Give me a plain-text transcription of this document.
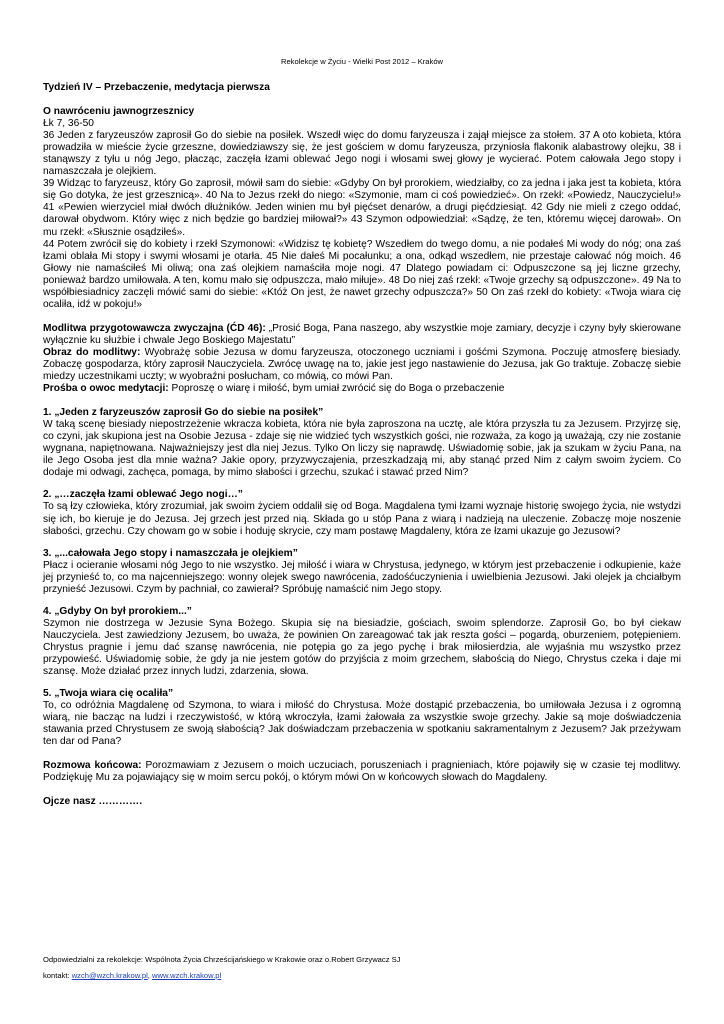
Rekolekcje w Życiu - Wielki Post 2012 – Kraków

Tydzień IV – Przebaczenie, medytacja pierwsza

O nawróceniu jawnogrzesznicy

Łk 7, 36-50

36 Jeden z faryzeuszów zaprosił Go do siebie na posiłek. Wszedł więc do domu faryzeusza i zajął miejsce za stołem. 37 A oto kobieta, która prowadziła w mieście życie grzeszne, dowiedziawszy się, że jest gościem w domu faryzeusza, przyniosła flakonik alabastrowy olejku, 38 i stanąwszy z tyłu u nóg Jego, płacząc, zaczęła łzami oblewać Jego nogi i włosami swej głowy je wycierać. Potem całowała Jego stopy i namaszczała je olejkiem.

39 Widząc to faryzeusz, który Go zaprosił, mówił sam do siebie: «Gdyby On był prorokiem, wiedziałby, co za jedna i jaka jest ta kobieta, która się Go dotyka, że jest grzesznicą». 40 Na to Jezus rzekł do niego: «Szymonie, mam ci coś powiedzieć». On rzekł: «Powiedz, Nauczycielu!» 41 «Pewien wierzyciel miał dwóch dłużników. Jeden winien mu był pięćset denarów, a drugi pięćdziesiąt. 42 Gdy nie mieli z czego oddać, darował obydwom. Który więc z nich będzie go bardziej miłował?» 43 Szymon odpowiedział: «Sądzę, że ten, któremu więcej darował». On mu rzekł: «Słusznie osądziłeś».

44 Potem zwrócił się do kobiety i rzekł Szymonowi: «Widzisz tę kobietę? Wszedłem do twego domu, a nie podałeś Mi wody do nóg; ona zaś łzami oblała Mi stopy i swymi włosami je otarła. 45 Nie dałeś Mi pocałunku; a ona, odkąd wszedłem, nie przestaje całować nóg moich. 46 Głowy nie namaściłeś Mi oliwą; ona zaś olejkiem namaściła moje nogi. 47 Dlatego powiadam ci: Odpuszczone są jej liczne grzechy, ponieważ bardzo umiłowała. A ten, komu mało się odpuszcza, mało miłuje». 48 Do niej zaś rzekł: «Twoje grzechy są odpuszczone». 49 Na to współbiesiadnicy zaczęli mówić sami do siebie: «Któż On jest, że nawet grzechy odpuszcza?» 50 On zaś rzekł do kobiety: «Twoja wiara cię ocaliła, idź w pokoju!»

Modlitwa przygotowawcza zwyczajna (ĆD 46): „Prosić Boga, Pana naszego, aby wszystkie moje zamiary, decyzje i czyny były skierowane wyłącznie ku służbie i chwale Jego Boskiego Majestatu”

Obraz do modlitwy: Wyobrażę sobie Jezusa w domu faryzeusza, otoczonego uczniami i gośćmi Szymona. Poczuję atmosferę biesiady. Zobaczę gospodarza, który zaprosił Nauczyciela. Zwrócę uwagę na to, jakie jest jego nastawienie do Jezusa, jak Go traktuje. Zobaczę siebie miedzy uczestnikami uczty; w wyobraźni posłucham, co mówią, co mówi Pan.

Prośba o owoc medytacji: Poproszę o wiarę i miłość, bym umiał zwrócić się do Boga o przebaczenie

1. „Jeden z faryzeuszów zaprosił Go do siebie na posiłek”

W taką scenę biesiady niepostrzeżenie wkracza kobieta, która nie była zaproszona na ucztę, ale która przyszła tu za Jezusem. Przyjrzę się, co czyni, jak skupiona jest na Osobie Jezusa - zdaje się nie widzieć tych wszystkich gości, nie rozważa, za kogo ją uważają, czy nie zostanie wygnana, napiętnowana. Najważniejszy jest dla niej Jezus. Tylko On liczy się naprawdę. Uświadomię sobie, jak ja szukam w życiu Pana, na ile Jego Osoba jest dla mnie ważna? Jakie opory, przyzwyczajenia, przeszkadzają mi, aby stanąć przed Nim z całym swoim życiem. Co dodaje mi odwagi, zachęca, pomaga, by mimo słabości i grzechu, szukać i stawać przed Nim?

2. „…zaczęła łzami oblewać Jego nogi…”

To są łzy człowieka, który zrozumiał, jak swoim życiem oddalił się od Boga. Magdalena tymi łzami wyznaje historię swojego życia, nie wstydzi się ich, bo kieruje je do Jezusa. Jej grzech jest przed nią. Składa go u stóp Pana z wiarą i nadzieją na uleczenie. Zobaczę moje noszenie słabości, grzechu. Czy chowam go w sobie i hoduję skrycie, czy mam postawę Magdaleny, która ze łzami ukazuje go Jezusowi?

3. „...całowała Jego stopy i namaszczała je olejkiem”

Płacz i ocieranie włosami nóg Jego to nie wszystko. Jej miłość i wiara w Chrystusa, jedynego, w którym jest przebaczenie i odkupienie, każe jej przynieść to, co ma najcenniejszego: wonny olejek swego nawrócenia, zadośćuczynienia i uwielbienia Jezusowi. Jaki olejek ja chciałbym przynieść Jezusowi. Czym by pachniał, co zawierał? Spróbuję namaścić nim Jego stopy.

4. „Gdyby On był prorokiem...”

Szymon nie dostrzega w Jezusie Syna Bożego. Skupia się na biesiadzie, gościach, swoim splendorze. Zaprosił Go, bo był ciekaw Nauczyciela. Jest zawiedziony Jezusem, bo uważa, że powinien On zareagować tak jak reszta gości – pogardą, oburzeniem, potępieniem. Chrystus pragnie i jemu dać szansę nawrócenia, nie potępia go za jego pychę i brak miłosierdzia, ale wyjaśnia mu wszystko przez przypowieść. Uświadomię sobie, że gdy ja nie jestem gotów do przyjścia z moim grzechem, słabością do Niego, Chrystus czeka i daje mi szansę. Może działać przez innych ludzi, zdarzenia, słowa.

5. „Twoja wiara cię ocaliła”

To, co odróżnia Magdalenę od Szymona, to wiara i miłość do Chrystusa. Może dostąpić przebaczenia, bo umiłowała Jezusa i z ogromną wiarą, nie bacząc na ludzi i rzeczywistość, w którą wkroczyła, łzami żałowała za wszystkie swoje grzechy. Jakie są moje doświadczenia stawania przed Chrystusem ze swoją słabością? Jak doświadczam przebaczenia w spotkaniu sakramentalnym z Jezusem? Jak przeżywam ten dar od Pana?

Rozmowa końcowa: Porozmawiam z Jezusem o moich uczuciach, poruszeniach i pragnieniach, które pojawiły się w czasie tej modlitwy. Podziękuję Mu za pojawiający się w moim sercu pokój, o którym mówi On w końcowych słowach do Magdaleny.

Ojcze nasz ………….

Odpowiedzialni za rekolekcje: Wspólnota Życia Chrześcijańskiego w Krakowie oraz o.Robert Grzywacz SJ
kontakt: wzch@wzch.krakow.pl, www.wzch.krakow.pl
